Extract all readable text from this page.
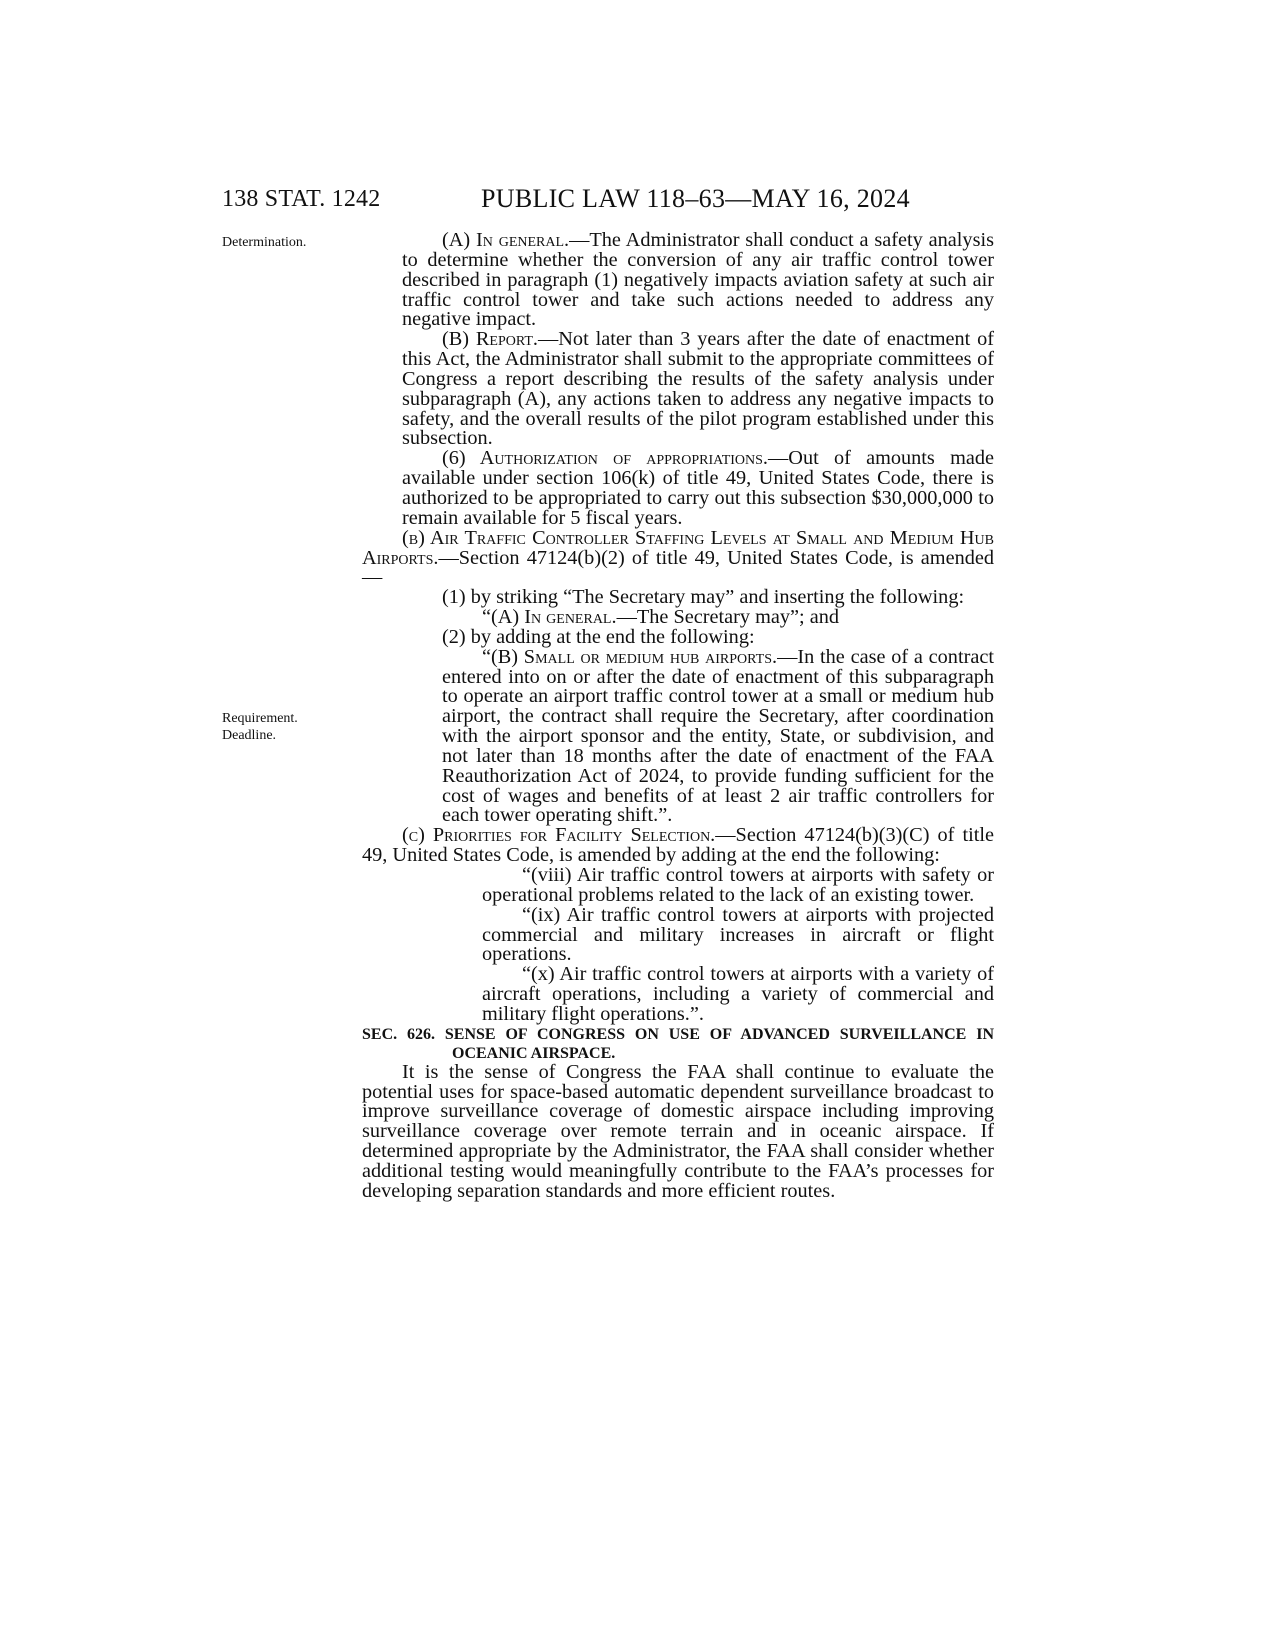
138 STAT. 1242	PUBLIC LAW 118–63—MAY 16, 2024
Determination.
Requirement.
Deadline.

(A) In general.—The Administrator shall conduct a safety analysis to determine whether the conversion of any air traffic control tower described in paragraph (1) negatively impacts aviation safety at such air traffic control tower and take such actions needed to address any negative impact.

(B) Report.—Not later than 3 years after the date of enactment of this Act, the Administrator shall submit to the appropriate committees of Congress a report describing the results of the safety analysis under subparagraph (A), any actions taken to address any negative impacts to safety, and the overall results of the pilot program established under this subsection.

(6) Authorization of appropriations.—Out of amounts made available under section 106(k) of title 49, United States Code, there is authorized to be appropriated to carry out this subsection $30,000,000 to remain available for 5 fiscal years.

(b) Air Traffic Controller Staffing Levels at Small and Medium Hub Airports.—Section 47124(b)(2) of title 49, United States Code, is amended—

(1) by striking “The Secretary may” and inserting the following:

“(A) In general.—The Secretary may”; and

(2) by adding at the end the following:

“(B) Small or medium hub airports.—In the case of a contract entered into on or after the date of enactment of this subparagraph to operate an airport traffic control tower at a small or medium hub airport, the contract shall require the Secretary, after coordination with the airport sponsor and the entity, State, or subdivision, and not later than 18 months after the date of enactment of the FAA Reauthorization Act of 2024, to provide funding sufficient for the cost of wages and benefits of at least 2 air traffic controllers for each tower operating shift.”.

(c) Priorities for Facility Selection.—Section 47124(b)(3)(C) of title 49, United States Code, is amended by adding at the end the following:

“(viii) Air traffic control towers at airports with safety or operational problems related to the lack of an existing tower.

“(ix) Air traffic control towers at airports with projected commercial and military increases in aircraft or flight operations.

“(x) Air traffic control towers at airports with a variety of aircraft operations, including a variety of commercial and military flight operations.”.

SEC. 626. SENSE OF CONGRESS ON USE OF ADVANCED SURVEILLANCE IN OCEANIC AIRSPACE.

It is the sense of Congress the FAA shall continue to evaluate the potential uses for space-based automatic dependent surveillance broadcast to improve surveillance coverage of domestic airspace including improving surveillance coverage over remote terrain and in oceanic airspace. If determined appropriate by the Administrator, the FAA shall consider whether additional testing would meaningfully contribute to the FAA’s processes for developing separation standards and more efficient routes.
